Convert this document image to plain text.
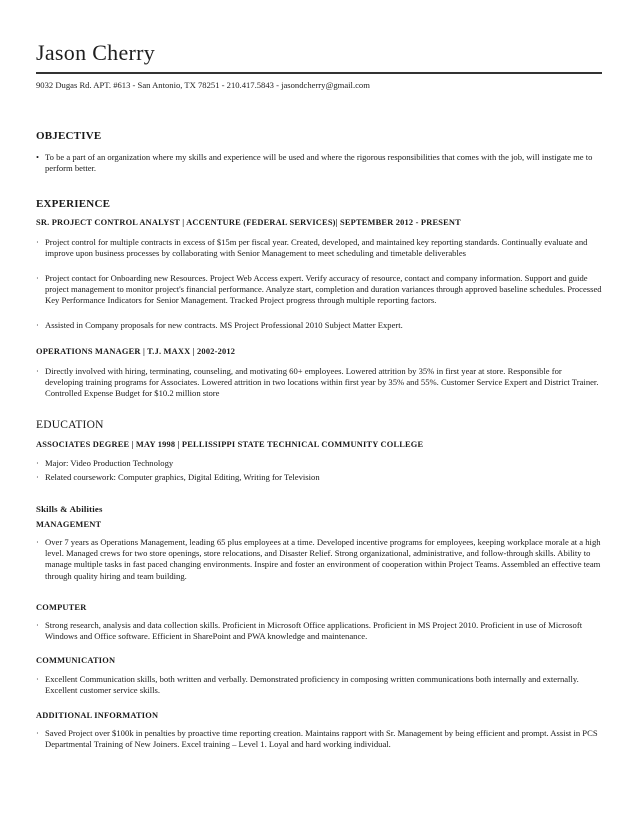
Jason Cherry
9032 Dugas Rd. APT. #613 - San Antonio, TX 78251 - 210.417.5843 - jasondcherry@gmail.com
OBJECTIVE
• To be a part of an organization where my skills and experience will be used and where the rigorous responsibilities that comes with the job, will instigate me to perform better.
EXPERIENCE
SR. PROJECT CONTROL ANALYST | ACCENTURE (FEDERAL SERVICES)| SEPTEMBER 2012 - PRESENT
· Project control for multiple contracts in excess of $15m per fiscal year. Created, developed, and maintained key reporting standards. Continually evaluate and improve upon business processes by collaborating with Senior Management to meet scheduling and timetable deliverables
· Project contact for Onboarding new Resources. Project Web Access expert. Verify accuracy of resource, contact and company information. Support and guide project management to monitor project's financial performance. Analyze start, completion and duration variances through approved baseline schedules. Processed Key Performance Indicators for Senior Management. Tracked Project progress through multiple reporting factors.
· Assisted in Company proposals for new contracts. MS Project Professional 2010 Subject Matter Expert.
OPERATIONS MANAGER | T.J. MAXX | 2002-2012
· Directly involved with hiring, terminating, counseling, and motivating 60+ employees. Lowered attrition by 35% in first year at store. Responsible for developing training programs for Associates. Lowered attrition in two locations within first year by 35% and 55%. Customer Service Expert and District Trainer. Controlled Expense Budget for $10.2 million store
EDUCATION
ASSOCIATES DEGREE | MAY 1998 | PELLISSIPPI STATE TECHNICAL COMMUNITY COLLEGE
· Major: Video Production Technology
· Related coursework: Computer graphics, Digital Editing, Writing for Television
Skills & Abilities
MANAGEMENT
· Over 7 years as Operations Management, leading 65 plus employees at a time. Developed incentive programs for employees, keeping workplace morale at a high level. Managed crews for two store openings, store relocations, and Disaster Relief. Strong organizational, administrative, and follow-through skills. Ability to manage multiple tasks in fast paced changing environments. Inspire and foster an environment of cooperation within Project Teams. Assembled an effective team through quality hiring and team building.
COMPUTER
· Strong research, analysis and data collection skills. Proficient in Microsoft Office applications. Proficient in MS Project 2010. Proficient in use of Microsoft Windows and Office software. Efficient in SharePoint and PWA knowledge and maintenance.
COMMUNICATION
· Excellent Communication skills, both written and verbally. Demonstrated proficiency in composing written communications both internally and externally. Excellent customer service skills.
ADDITIONAL INFORMATION
· Saved Project over $100k in penalties by proactive time reporting creation. Maintains rapport with Sr. Management by being efficient and prompt. Assist in PCS Departmental Training of New Joiners. Excel training – Level 1. Loyal and hard working individual.
